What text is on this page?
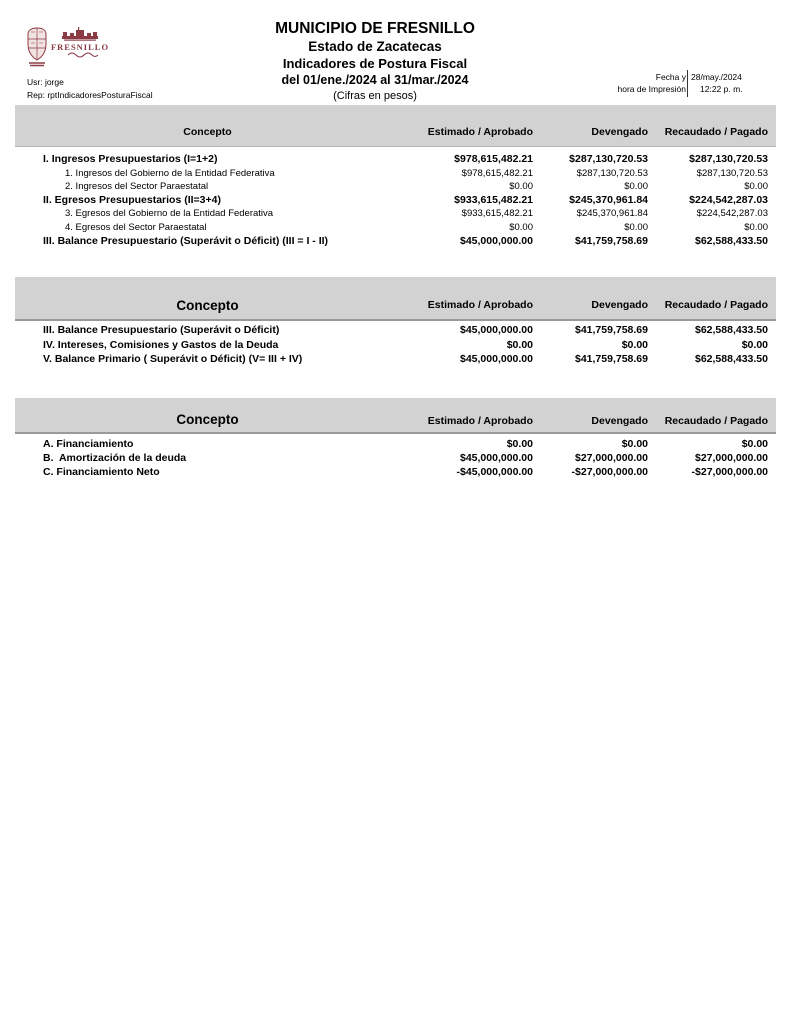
FRESNILLO
MUNICIPIO DE FRESNILLO
Estado de Zacatecas
Indicadores de Postura Fiscal
del 01/ene./2024 al 31/mar./2024
(Cifras en pesos)
Usr: jorge
Rep: rptIndicadoresPosturaFiscal
Fecha y
hora de Impresión
28/may./2024
12:22 p. m.
Concepto	Estimado / Aprobado	Devengado	Recaudado / Pagado
I. Ingresos Presupuestarios (I=1+2)	$978,615,482.21	$287,130,720.53	$287,130,720.53
1. Ingresos del Gobierno de la Entidad Federativa	$978,615,482.21	$287,130,720.53	$287,130,720.53
2. Ingresos del Sector Paraestatal	$0.00	$0.00	$0.00
II. Egresos Presupuestarios (II=3+4)	$933,615,482.21	$245,370,961.84	$224,542,287.03
3. Egresos del Gobierno de la Entidad Federativa	$933,615,482.21	$245,370,961.84	$224,542,287.03
4. Egresos del Sector Paraestatal	$0.00	$0.00	$0.00
III. Balance Presupuestario (Superávit o Déficit) (III = I - II)	$45,000,000.00	$41,759,758.69	$62,588,433.50
Concepto	Estimado / Aprobado	Devengado	Recaudado / Pagado
III. Balance Presupuestario (Superávit o Déficit)	$45,000,000.00	$41,759,758.69	$62,588,433.50
IV. Intereses, Comisiones y Gastos de la Deuda	$0.00	$0.00	$0.00
V. Balance Primario ( Superávit o Déficit) (V= III + IV)	$45,000,000.00	$41,759,758.69	$62,588,433.50
Concepto	Estimado / Aprobado	Devengado	Recaudado / Pagado
A. Financiamiento	$0.00	$0.00	$0.00
B.  Amortización de la deuda	$45,000,000.00	$27,000,000.00	$27,000,000.00
C. Financiamiento Neto	-$45,000,000.00	-$27,000,000.00	-$27,000,000.00
